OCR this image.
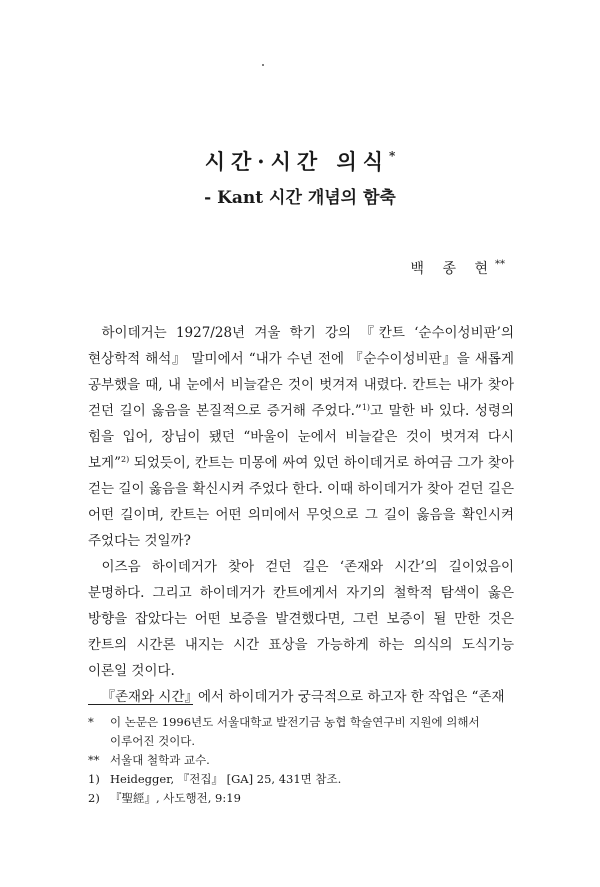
시간·시간 의식*
- Kant 시간 개념의 함축
백 종 현**

하이데거는 1927/28년 겨울 학기 강의 『칸트 ‘순수이성비판’의 현상학적 해석』 말미에서 “내가 수년 전에 『순수이성비판』을 새롭게 공부했을 때, 내 눈에서 비늘같은 것이 벗겨져 내렸다. 칸트는 내가 찾아 걷던 길이 옳음을 본질적으로 증거해 주었다.”$^{1)}$고 말한 바 있다. 성령의 힘을 입어, 장님이 됐던 “바울이 눈에서 비늘같은 것이 벗겨져 다시 보게”$^{2)}$ 되었듯이, 칸트는 미몽에 싸여 있던 하이데거로 하여금 그가 찾아 걷는 길이 옳음을 확신시켜 주었다 한다. 이때 하이데거가 찾아 걷던 길은 어떤 길이며, 칸트는 어떤 의미에서 무엇으로 그 길이 옳음을 확인시켜 주었다는 것일까?

이즈음 하이데거가 찾아 걷던 길은 ‘존재와 시간’의 길이었음이 분명하다. 그리고 하이데거가 칸트에게서 자기의 철학적 탐색이 옳은 방향을 잡았다는 어떤 보증을 발견했다면, 그런 보증이 될 만한 것은 칸트의 시간론 내지는 시간 표상을 가능하게 하는 의식의 도식기능 이론일 것이다.

『존재와 시간』에서 하이데거가 궁극적으로 하고자 한 작업은 “존재

*	이 논문은 1996년도 서울대학교 발전기금 농협 학술연구비 지원에 의해서 이루어진 것이다.
** 서울대 철학과 교수.
1) Heidegger, 『전집』 [GA] 25, 431면 참조.
2) 『聖經』, 사도행전, 9:19
